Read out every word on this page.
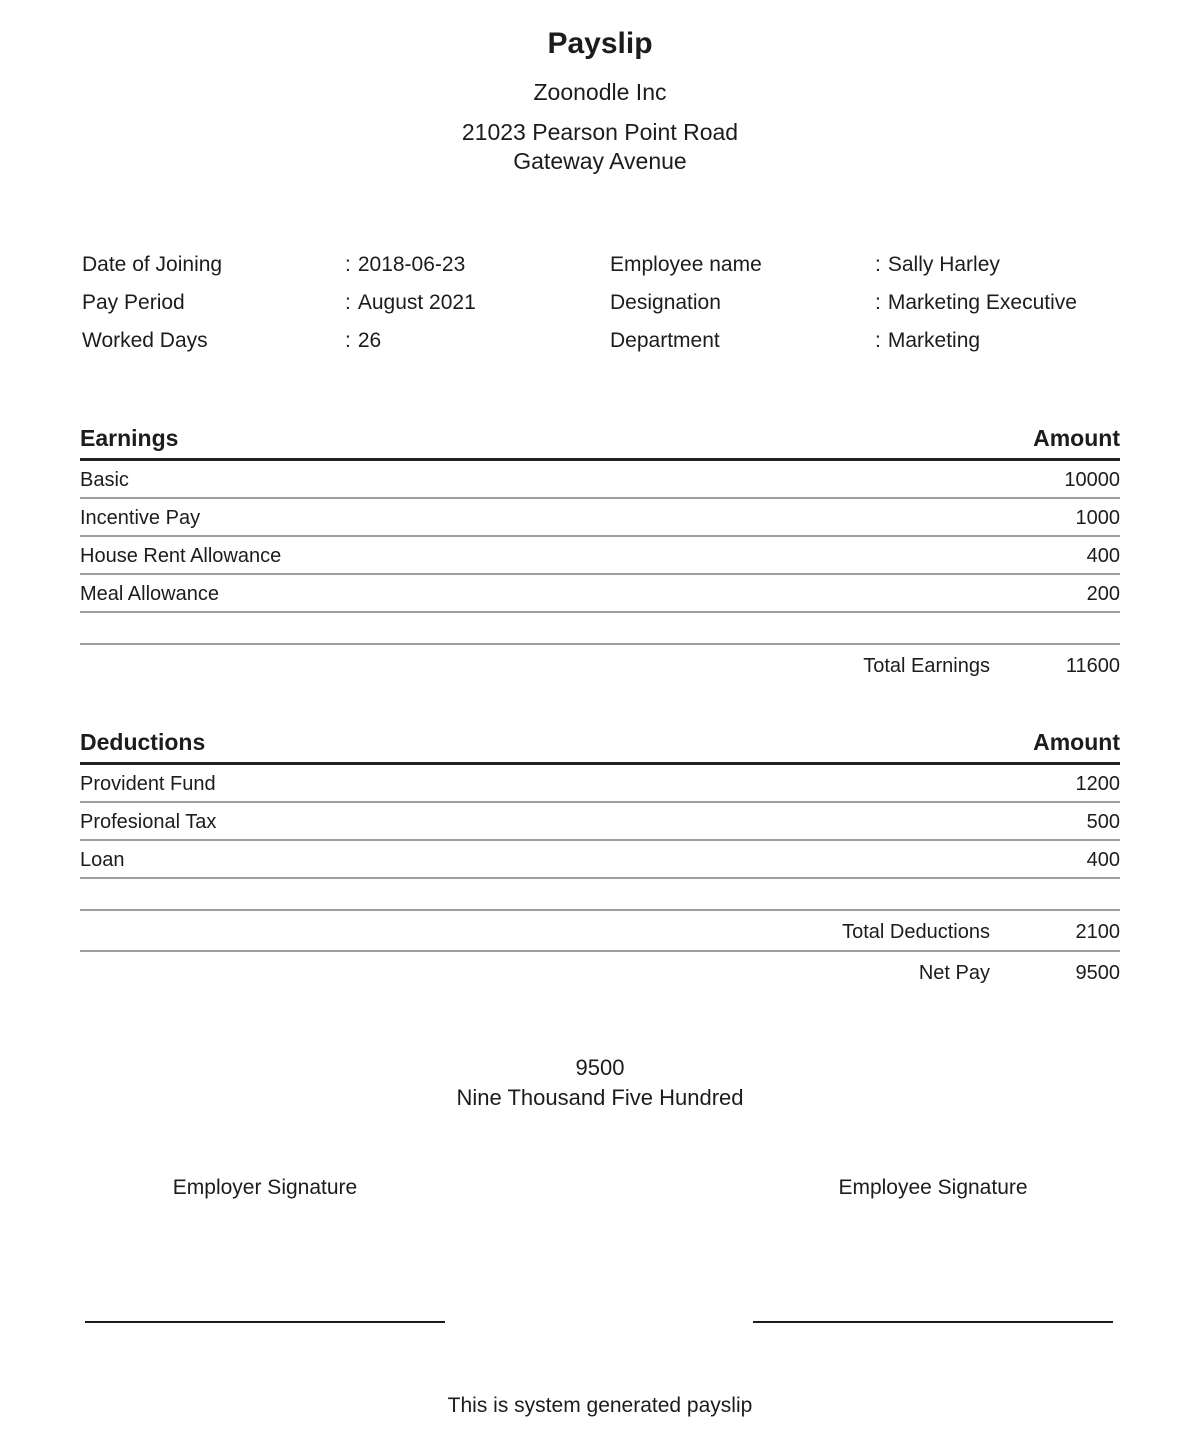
Payslip
Zoonodle Inc
21023 Pearson Point Road
Gateway Avenue
Date of Joining	: 2018-06-23
Pay Period	: August 2021
Worked Days	: 26
Employee name	: Sally Harley
Designation	: Marketing Executive
Department	: Marketing
Earnings	Amount
Basic	10000
Incentive Pay	1000
House Rent Allowance	400
Meal Allowance	200
Total Earnings	11600
Deductions	Amount
Provident Fund	1200
Profesional Tax	500
Loan	400
Total Deductions	2100
Net Pay	9500
9500
Nine Thousand Five Hundred
Employer Signature	Employee Signature
This is system generated payslip
